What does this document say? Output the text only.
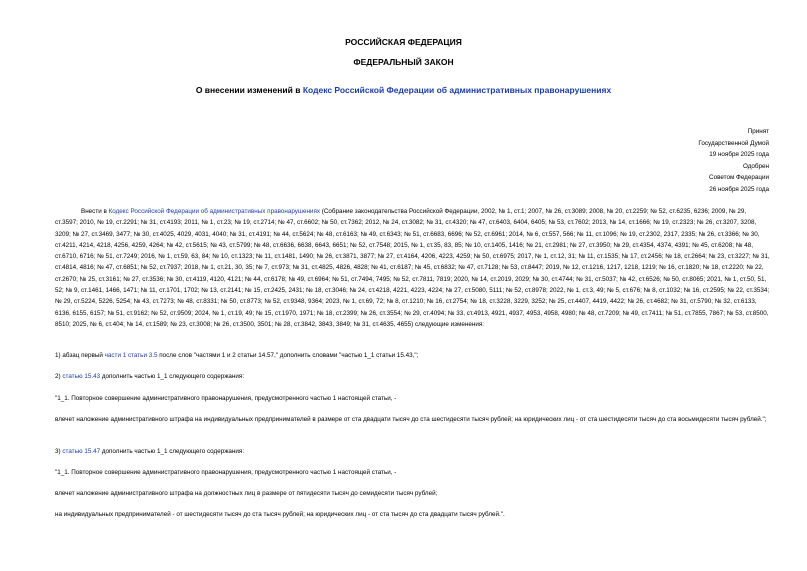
РОССИЙСКАЯ ФЕДЕРАЦИЯ
ФЕДЕРАЛЬНЫЙ ЗАКОН
О внесении изменений в Кодекс Российской Федерации об административных правонарушениях
Принят
Государственной Думой
19 ноября 2025 года
Одобрен
Советом Федерации
26 ноября 2025 года
Внести в Кодекс Российской Федерации об административных правонарушениях (Собрание законодательства Российской Федерации, 2002, № 1, ст.1; 2007, № 26, ст.3089; 2008, № 20, ст.2259; № 52, ст.6235, 6236; 2009, № 29, ст.3597; 2010, № 19, ст.2291; № 31, ст.4193; 2011, № 1, ст.23; № 19, ст.2714; № 47, ст.6602; № 50, ст.7362; 2012, № 24, ст.3082; № 31, ст.4320; № 47, ст.6403, 6404, 6405; № 53, ст.7602; 2013, № 14, ст.1666; № 19, ст.2323; № 26, ст.3207, 3208, 3209; № 27, ст.3469, 3477; № 30, ст.4025, 4029, 4031, 4040; № 31, ст.4191; № 44, ст.5624; № 48, ст.6163; № 49, ст.6343; № 51, ст.6683, 6696; № 52, ст.6961; 2014, № 6, ст.557, 566; № 11, ст.1096; № 19, ст.2302, 2317, 2335; № 26, ст.3366; № 30, ст.4211, 4214, 4218, 4256, 4259, 4264; № 42, ст.5615; № 43, ст.5799; № 48, ст.6636, 6638, 6643, 6651; № 52, ст.7548; 2015, № 1, ст.35, 83, 85; № 10, ст.1405, 1416; № 21, ст.2981; № 27, ст.3950; № 29, ст.4354, 4374, 4391; № 45, ст.6208; № 48, ст.6710, 6716; № 51, ст.7249; 2016, № 1, ст.59, 63, 84; № 10, ст.1323; № 11, ст.1481, 1490; № 26, ст.3871, 3877; № 27, ст.4164, 4206, 4223, 4259; № 50, ст.6975; 2017, № 1, ст.12, 31; № 11, ст.1535; № 17, ст.2456; № 18, ст.2664; № 23, ст.3227; № 31, ст.4814, 4816; № 47, ст.6851; № 52, ст.7937; 2018, № 1, ст.21, 30, 35; № 7, ст.973; № 31, ст.4825, 4826, 4828; № 41, ст.6187; № 45, ст.6832; № 47, ст.7128; № 53, ст.8447; 2019, № 12, ст.1216, 1217, 1218, 1219; № 16, ст.1820; № 18, ст.2220; № 22, ст.2670; № 25, ст.3161; № 27, ст.3536; № 30, ст.4119, 4120, 4121; № 44, ст.6178; № 49, ст.6964; № 51, ст.7494, 7495; № 52, ст.7811, 7819; 2020, № 14, ст.2019, 2029; № 30, ст.4744; № 31, ст.5037; № 42, ст.6526; № 50, ст.8065; 2021, № 1, ст.50, 51, 52; № 9, ст.1461, 1466, 1471; № 11, ст.1701, 1702; № 13, ст.2141; № 15, ст.2425, 2431; № 18, ст.3046; № 24, ст.4218, 4221, 4223, 4224; № 27, ст.5080, 5111; № 52, ст.8978; 2022, № 1, ст.3, 49; № 5, ст.676; № 8, ст.1032; № 16, ст.2595; № 22, ст.3534; № 29, ст.5224, 5226, 5254; № 43, ст.7273; № 48, ст.8331; № 50, ст.8773; № 52, ст.9348, 9364; 2023, № 1, ст.69, 72; № 8, ст.1210; № 16, ст.2754; № 18, ст.3228, 3229, 3252; № 25, ст.4407, 4419, 4422; № 26, ст.4682; № 31, ст.5790; № 32, ст.6133, 6136, 6155, 6157; № 51, ст.9162; № 52, ст.9509; 2024, № 1, ст.19, 49; № 15, ст.1970, 1971; № 18, ст.2399; № 26, ст.3554; № 29, ст.4094; № 33, ст.4913, 4921, 4937, 4953, 4958, 4980; № 48, ст.7209; № 49, ст.7411; № 51, ст.7855, 7867; № 53, ст.8500, 8510; 2025, № 6, ст.404; № 14, ст.1589; № 23, ст.3008; № 26, ст.3500, 3501; № 28, ст.3842, 3843, 3849; № 31, ст.4635, 4655) следующие изменения:
1) абзац первый части 1 статьи 3.5 после слов "частями 1 и 2 статьи 14.57," дополнить словами "частью 1_1 статьи 15.43,";
2) статью 15.43 дополнить частью 1_1 следующего содержания:
"1_1. Повторное совершение административного правонарушения, предусмотренного частью 1 настоящей статьи, -
влечет наложение административного штрафа на индивидуальных предпринимателей в размере от ста двадцати тысяч до ста шестидесяти тысяч рублей; на юридических лиц - от ста шестидесяти тысяч до ста восьмидесяти тысяч рублей.";
3) статью 15.47 дополнить частью 1_1 следующего содержания:
"1_1. Повторное совершение административного правонарушения, предусмотренного частью 1 настоящей статьи, -
влечет наложение административного штрафа на должностных лиц в размере от пятидесяти тысяч до семидесяти тысяч рублей;
на индивидуальных предпринимателей - от шестидесяти тысяч до ста тысяч рублей; на юридических лиц - от ста тысяч до ста двадцати тысяч рублей.".
